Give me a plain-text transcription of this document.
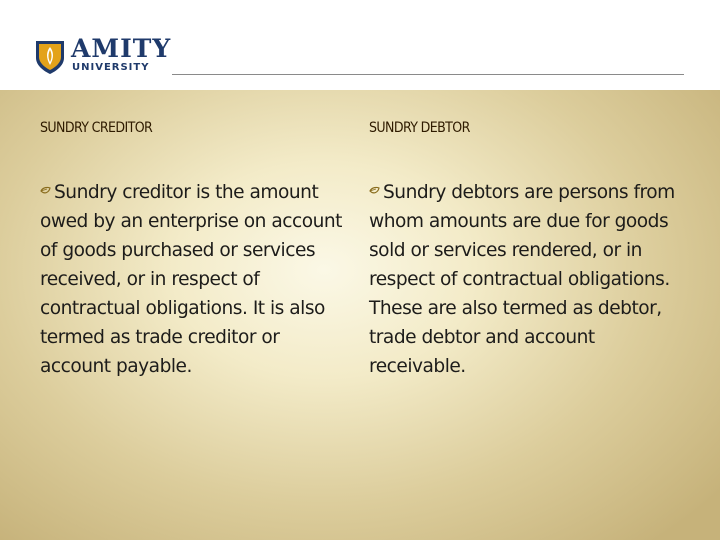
AMITY
UNIVERSITY
SUNDRY CREDITOR
Sundry creditor is the amount owed by an enterprise on account of goods purchased or services received, or in respect of contractual obligations. It is also termed as trade creditor or account payable.
SUNDRY DEBTOR
Sundry debtors are persons from whom amounts are due for goods sold or services rendered, or in respect of contractual obligations. These are also termed as debtor, trade debtor and account receivable.
